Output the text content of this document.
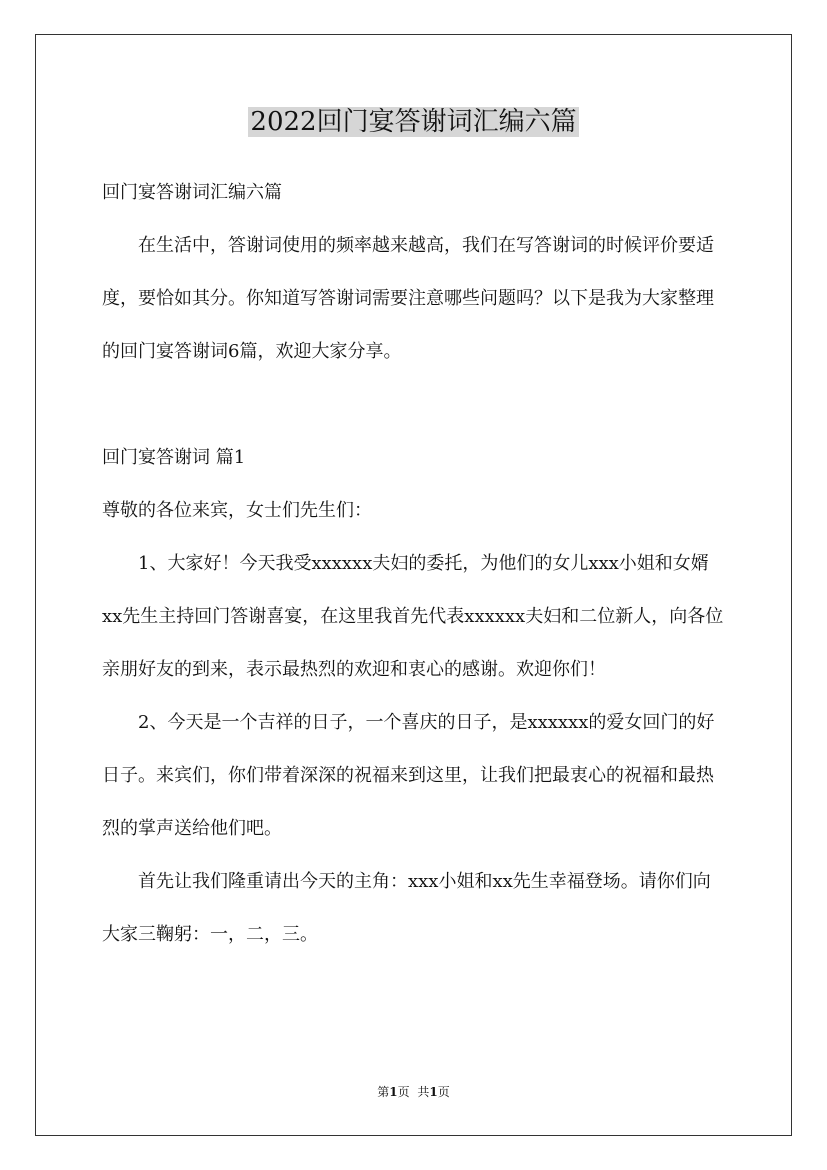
2022回门宴答谢词汇编六篇

回门宴答谢词汇编六篇

在生活中，答谢词使用的频率越来越高，我们在写答谢词的时候评价要适度，要恰如其分。你知道写答谢词需要注意哪些问题吗？以下是我为大家整理的回门宴答谢词6篇，欢迎大家分享。

回门宴答谢词 篇1

尊敬的各位来宾，女士们先生们：

1、大家好！今天我受xxxxxx夫妇的委托，为他们的女儿xxx小姐和女婿xx先生主持回门答谢喜宴，在这里我首先代表xxxxxx夫妇和二位新人，向各位亲朋好友的到来，表示最热烈的欢迎和衷心的感谢。欢迎你们！

2、今天是一个吉祥的日子，一个喜庆的日子，是xxxxxx的爱女回门的好日子。来宾们，你们带着深深的祝福来到这里，让我们把最衷心的祝福和最热烈的掌声送给他们吧。

首先让我们隆重请出今天的主角：xxx小姐和xx先生幸福登场。请你们向大家三鞠躬：一，二，三。

第1页 共1页
